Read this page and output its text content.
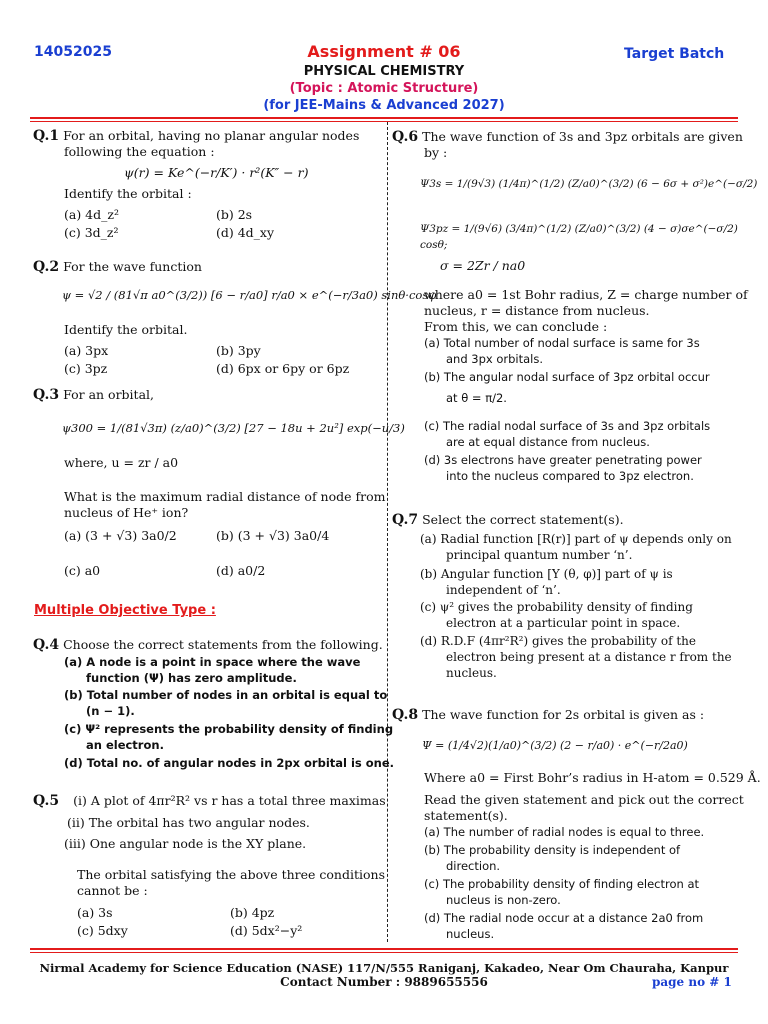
14052025	Assignment # 06	Target Batch
PHYSICAL CHEMISTRY
(Topic : Atomic Structure)
(for JEE-Mains & Advanced 2027)
Q.1 For an orbital, having no planar angular nodes
following the equation :
ψ(r) = Ke^(−r/K′) · r²(K″ − r)
Identify the orbital :
(a) 4d_z²	(b) 2s
(c) 3d_z²	(d) 4d_xy
Q.2 For the wave function
ψ = √2 / (81√π a0^(3/2)) [6 − r/a0] r/a0 × e^(−r/3a0) sinθ·cosφ
Identify the orbital.
(a) 3px	(b) 3py
(c) 3pz	(d) 6px or 6py or 6pz
Q.3 For an orbital,
ψ300 = 1/(81√3π) (z/a0)^(3/2) [27 − 18u + 2u²] exp(−u/3)
where, u = zr / a0
What is the maximum radial distance of node from
nucleus of He⁺ ion?
(a) (3 + √3) 3a0/2	(b) (3 + √3) 3a0/4
(c) a0	(d) a0/2
Multiple Objective Type :
Q.4 Choose the correct statements from the following.
(a) A node is a point in space where the wave
function (Ψ) has zero amplitude.
(b) Total number of nodes in an orbital is equal to
(n − 1).
(c) Ψ² represents the probability density of finding
an electron.
(d) Total no. of angular nodes in 2px orbital is one.
Q.5 (i) A plot of 4πr²R² vs r has a total three maximas
(ii) The orbital has two angular nodes.
(iii) One angular node is the XY plane.
The orbital satisfying the above three conditions
cannot be :
(a) 3s	(b) 4pz
(c) 5dxy	(d) 5dx²−y²
Q.6 The wave function of 3s and 3pz orbitals are given
by :
Ψ3s = 1/(9√3) (1/4π)^(1/2) (Z/a0)^(3/2) (6 − 6σ + σ²)e^(−σ/2)
Ψ3pz = 1/(9√6) (3/4π)^(1/2) (Z/a0)^(3/2) (4 − σ)σe^(−σ/2) cosθ;
σ = 2Zr / na0
where a0 = 1st Bohr radius, Z = charge number of
nucleus, r = distance from nucleus.
From this, we can conclude :
(a) Total number of nodal surface is same for 3s
and 3px orbitals.
(b) The angular nodal surface of 3pz orbital occur
at θ = π/2.
(c) The radial nodal surface of 3s and 3pz orbitals
are at equal distance from nucleus.
(d) 3s electrons have greater penetrating power
into the nucleus compared to 3pz electron.
Q.7 Select the correct statement(s).
(a) Radial function [R(r)] part of ψ depends only on
principal quantum number ‘n’.
(b) Angular function [Y (θ, φ)] part of ψ is
independent of ‘n’.
(c) ψ² gives the probability density of finding
electron at a particular point in space.
(d) R.D.F (4πr²R²) gives the probability of the
electron being present at a distance r from the
nucleus.
Q.8 The wave function for 2s orbital is given as :
Ψ = (1/4√2)(1/a0)^(3/2) (2 − r/a0) · e^(−r/2a0)
Where a0 = First Bohr’s radius in H-atom = 0.529 Å.
Read the given statement and pick out the correct
statement(s).
(a) The number of radial nodes is equal to three.
(b) The probability density is independent of
direction.
(c) The probability density of finding electron at
nucleus is non-zero.
(d) The radial node occur at a distance 2a0 from
nucleus.
Nirmal Academy for Science Education (NASE) 117/N/555 Raniganj, Kakadeo, Near Om Chauraha, Kanpur
Contact Number : 9889655556	page no # 1
